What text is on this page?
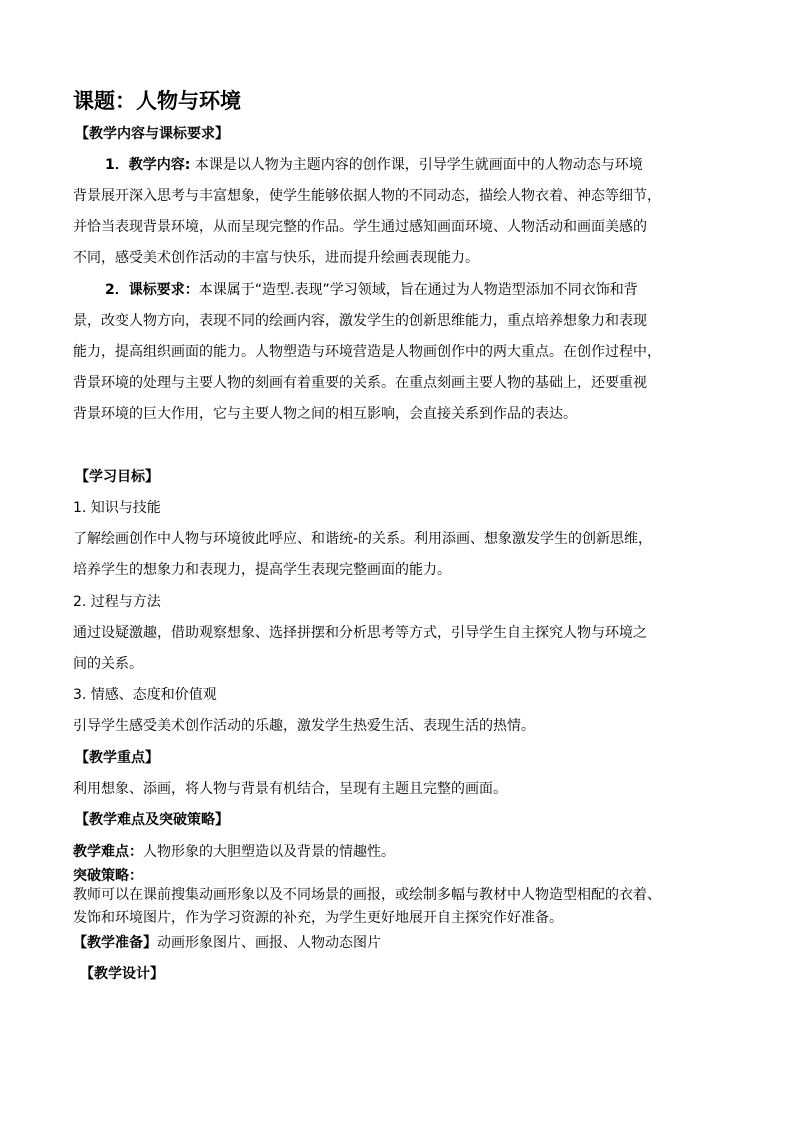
课题：人物与环境
【教学内容与课标要求】
1．教学内容: 本课是以人物为主题内容的创作课，引导学生就画面中的人物动态与环境
背景展开深入思考与丰富想象，使学生能够依据人物的不同动态，描绘人物衣着、神态等细节，
并恰当表现背景环境，从而呈现完整的作品。学生通过感知画面环境、人物活动和画面美感的
不同，感受美术创作活动的丰富与快乐，进而提升绘画表现能力。
2．课标要求：本课属于“造型.表现”学习领域，旨在通过为人物造型添加不同衣饰和背
景，改变人物方向，表现不同的绘画内容，激发学生的创新思维能力，重点培养想象力和表现
能力，提高组织画面的能力。人物塑造与环境营造是人物画创作中的两大重点。在创作过程中，
背景环境的处理与主要人物的刻画有着重要的关系。在重点刻画主要人物的基础上，还要重视
背景环境的巨大作用，它与主要人物之间的相互影响，会直接关系到作品的表达。
【学习目标】
1. 知识与技能
了解绘画创作中人物与环境彼此呼应、和谐统-的关系。利用添画、想象激发学生的创新思维，
培养学生的想象力和表现力，提高学生表现完整画面的能力。
2. 过程与方法
通过设疑激趣，借助观察想象、选择拼摆和分析思考等方式，引导学生自主探究人物与环境之
间的关系。
3. 情感、态度和价值观
引导学生感受美术创作活动的乐趣，激发学生热爱生活、表现生活的热情。
【教学重点】
利用想象、添画，将人物与背景有机结合，呈现有主题且完整的画面。
【教学难点及突破策略】
教学难点：人物形象的大胆塑造以及背景的情趣性。
突破策略：
教师可以在课前搜集动画形象以及不同场景的画报，或绘制多幅与教材中人物造型相配的衣着、
发饰和环境图片，作为学习资源的补充，为学生更好地展开自主探究作好准备。
【教学准备】动画形象图片、画报、人物动态图片
【教学设计】
